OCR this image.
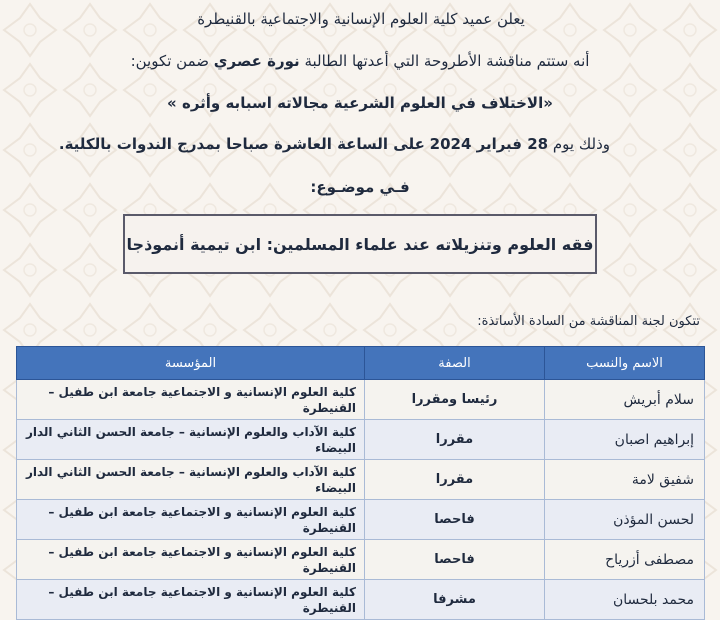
يعلن عميد كلية العلوم الإنسانية والاجتماعية بالقنيطرة
أنه ستتم مناقشة الأطروحة التي أعدتها الطالبة نورة عصري ضمن تكوين:
«الاختلاف في العلوم الشرعية مجالاته اسبابه وأثره »
وذلك يوم 28 فبراير 2024 على الساعة العاشرة صباحا بمدرج الندوات بالكلية.
فـي موضـوع:
فقه العلوم وتنزيلاته عند علماء المسلمين: ابن تيمية أنموذجا
تتكون لجنة المناقشة من السادة الأساتذة:
الاسم والنسب	الصفة	المؤسسة
سلام أبريش	رئيسا ومقررا	كلية العلوم الإنسانية و الاجتماعية جامعة ابن طفيل – القنيطرة
إبراهيم اصبان	مقررا	كلية الآداب والعلوم الإنسانية – جامعة الحسن الثاني الدار البيضاء
شفيق لامة	مقررا	كلية الآداب والعلوم الإنسانية – جامعة الحسن الثاني الدار البيضاء
لحسن المؤذن	فاحصا	كلية العلوم الإنسانية و الاجتماعية جامعة ابن طفيل – القنيطرة
مصطفى أزرياح	فاحصا	كلية العلوم الإنسانية و الاجتماعية جامعة ابن طفيل – القنيطرة
محمد بلحسان	مشرفا	كلية العلوم الإنسانية و الاجتماعية جامعة ابن طفيل – القنيطرة
